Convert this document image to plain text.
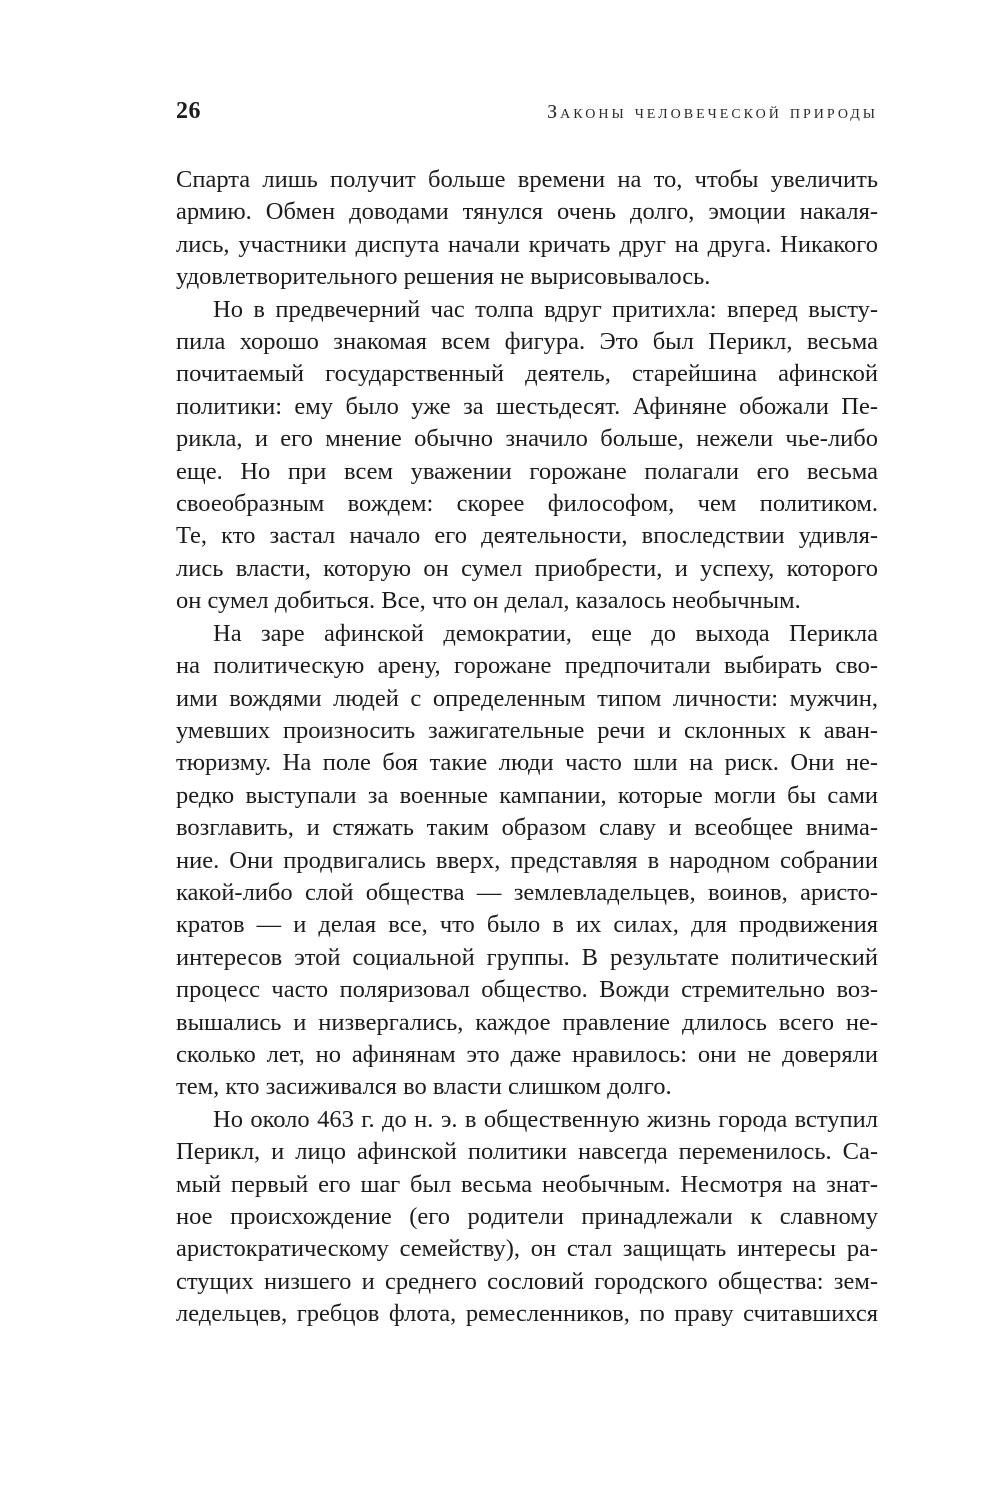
26	Законы человеческой природы
Спарта лишь получит больше времени на то, чтобы увеличить
армию. Обмен доводами тянулся очень долго, эмоции накаля-
лись, участники диспута начали кричать друг на друга. Никакого
удовлетворительного решения не вырисовывалось.
Но в предвечерний час толпа вдруг притихла: вперед высту-
пила хорошо знакомая всем фигура. Это был Перикл, весьма
почитаемый государственный деятель, старейшина афинской
политики: ему было уже за шестьдесят. Афиняне обожали Пе-
рикла, и его мнение обычно значило больше, нежели чье-либо
еще. Но при всем уважении горожане полагали его весьма
своеобразным вождем: скорее философом, чем политиком.
Те, кто застал начало его деятельности, впоследствии удивля-
лись власти, которую он сумел приобрести, и успеху, которого
он сумел добиться. Все, что он делал, казалось необычным.
На заре афинской демократии, еще до выхода Перикла
на политическую арену, горожане предпочитали выбирать сво-
ими вождями людей с определенным типом личности: мужчин,
умевших произносить зажигательные речи и склонных к аван-
тюризму. На поле боя такие люди часто шли на риск. Они не-
редко выступали за военные кампании, которые могли бы сами
возглавить, и стяжать таким образом славу и всеобщее внима-
ние. Они продвигались вверх, представляя в народном собрании
какой-либо слой общества — землевладельцев, воинов, аристо-
кратов — и делая все, что было в их силах, для продвижения
интересов этой социальной группы. В результате политический
процесс часто поляризовал общество. Вожди стремительно воз-
вышались и низвергались, каждое правление длилось всего не-
сколько лет, но афинянам это даже нравилось: они не доверяли
тем, кто засиживался во власти слишком долго.
Но около 463 г. до н. э. в общественную жизнь города вступил
Перикл, и лицо афинской политики навсегда переменилось. Са-
мый первый его шаг был весьма необычным. Несмотря на знат-
ное происхождение (его родители принадлежали к славному
аристократическому семейству), он стал защищать интересы ра-
стущих низшего и среднего сословий городского общества: зем-
ледельцев, гребцов флота, ремесленников, по праву считавшихся
